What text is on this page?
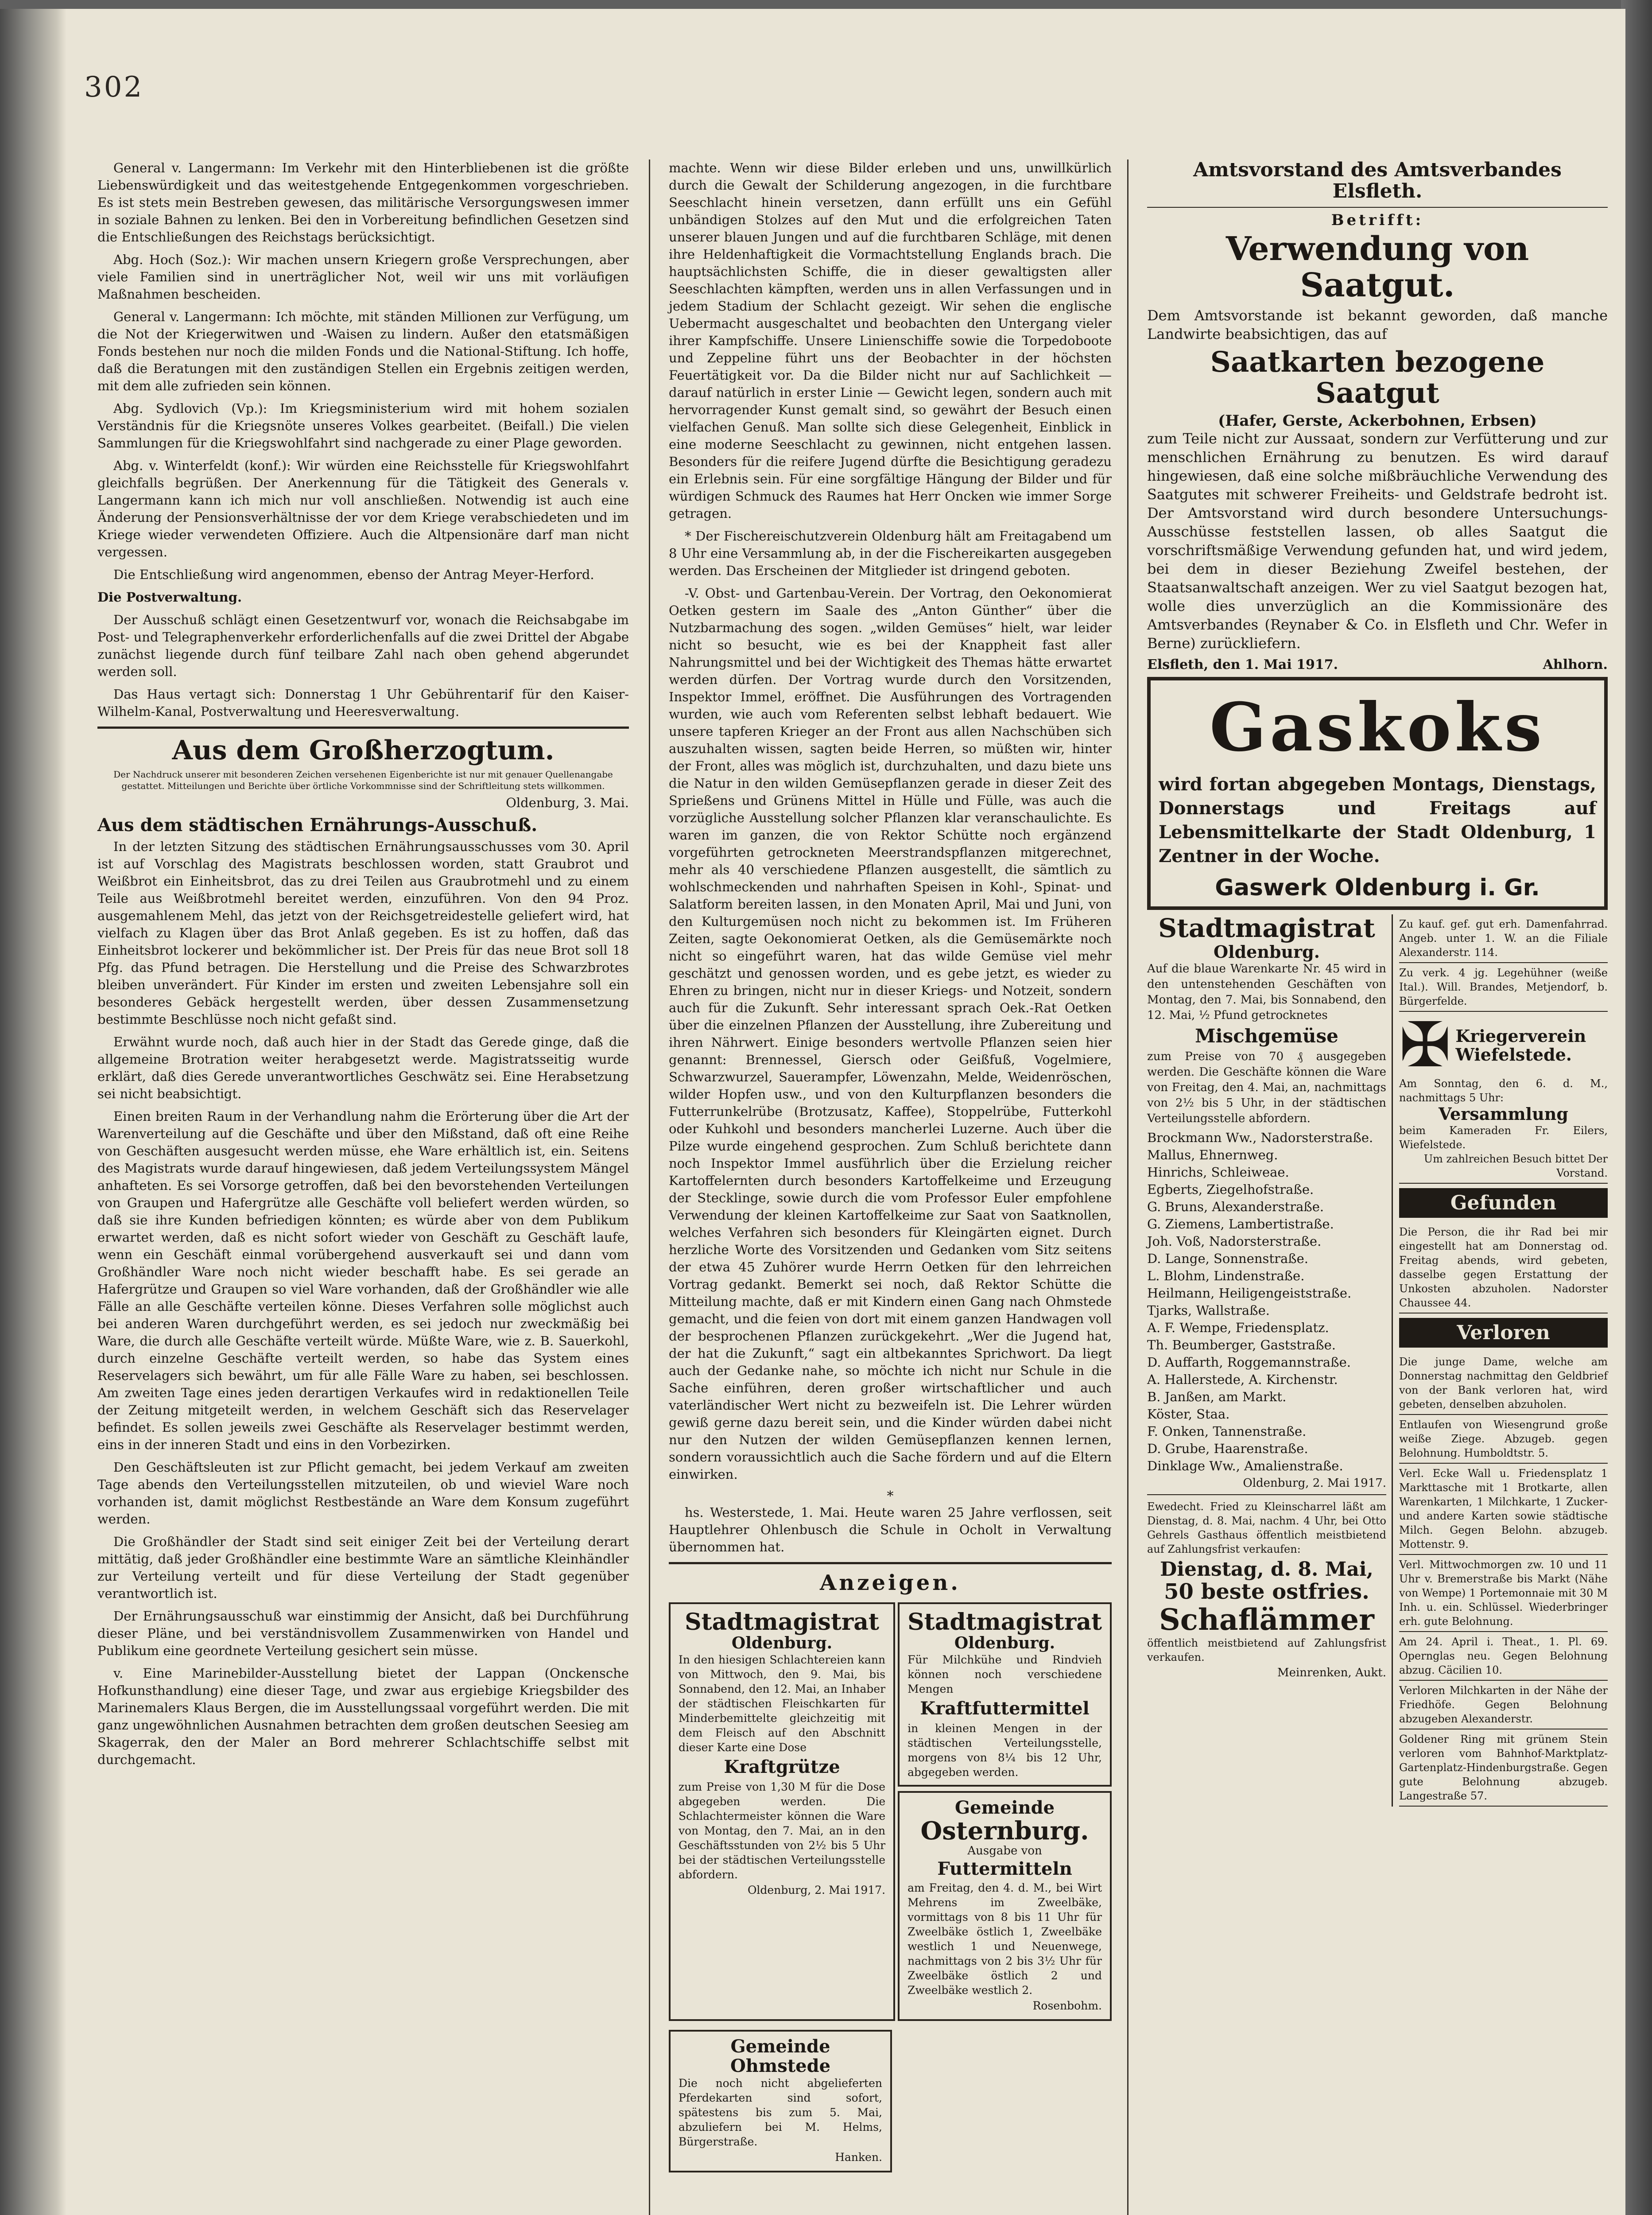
302

General v. Langermann: Im Verkehr mit den Hinterbliebenen ist die größte Liebenswürdigkeit und das weitestgehende Entgegenkommen vorgeschrieben. Es ist stets mein Bestreben gewesen, das militärische Versorgungswesen immer in soziale Bahnen zu lenken. Bei den in Vorbereitung befindlichen Gesetzen sind die Entschließungen des Reichstags berücksichtigt.

Abg. Hoch (Soz.): Wir machen unsern Kriegern große Versprechungen, aber viele Familien sind in unerträglicher Not, weil wir uns mit vorläufigen Maßnahmen bescheiden.

General v. Langermann: Ich möchte, mit ständen Millionen zur Verfügung, um die Not der Kriegerwitwen und -Waisen zu lindern. Außer den etatsmäßigen Fonds bestehen nur noch die milden Fonds und die National-Stiftung. Ich hoffe, daß die Beratungen mit den zuständigen Stellen ein Ergebnis zeitigen werden, mit dem alle zufrieden sein können.

Abg. Sydlovich (Vp.): Im Kriegsministerium wird mit hohem sozialen Verständnis für die Kriegsnöte unseres Volkes gearbeitet. (Beifall.) Die vielen Sammlungen für die Kriegswohlfahrt sind nachgerade zu einer Plage geworden.

Abg. v. Winterfeldt (konf.): Wir würden eine Reichsstelle für Kriegswohlfahrt gleichfalls begrüßen. Der Anerkennung für die Tätigkeit des Generals v. Langermann kann ich mich nur voll anschließen. Notwendig ist auch eine Änderung der Pensionsverhältnisse der vor dem Kriege verabschiedeten und im Kriege wieder verwendeten Offiziere. Auch die Altpensionäre darf man nicht vergessen.

Die Entschließung wird angenommen, ebenso der Antrag Meyer-Herford.

Die Postverwaltung.

Der Ausschuß schlägt einen Gesetzentwurf vor, wonach die Reichsabgabe im Post- und Telegraphenverkehr erforderlichenfalls auf die zwei Drittel der Abgabe zunächst liegende durch fünf teilbare Zahl nach oben gehend abgerundet werden soll.

Das Haus vertagt sich: Donnerstag 1 Uhr Gebührentarif für den Kaiser-Wilhelm-Kanal, Postverwaltung und Heeresverwaltung.

Aus dem Großherzogtum.
Der Nachdruck unserer mit besonderen Zeichen versehenen Eigenberichte ist nur mit genauer Quellenangabe gestattet. Mitteilungen und Berichte über örtliche Vorkommnisse sind der Schriftleitung stets willkommen.
Oldenburg, 3. Mai.
Aus dem städtischen Ernährungs-Ausschuß.

In der letzten Sitzung des städtischen Ernährungsausschusses vom 30. April ist auf Vorschlag des Magistrats beschlossen worden, statt Graubrot und Weißbrot ein Einheitsbrot, das zu drei Teilen aus Graubrotmehl und zu einem Teile aus Weißbrotmehl bereitet werden, einzuführen. Von den 94 Proz. ausgemahlenem Mehl, das jetzt von der Reichsgetreidestelle geliefert wird, hat vielfach zu Klagen über das Brot Anlaß gegeben. Es ist zu hoffen, daß das Einheitsbrot lockerer und bekömmlicher ist. Der Preis für das neue Brot soll 18 Pfg. das Pfund betragen. Die Herstellung und die Preise des Schwarzbrotes bleiben unverändert. Für Kinder im ersten und zweiten Lebensjahre soll ein besonderes Gebäck hergestellt werden, über dessen Zusammensetzung bestimmte Beschlüsse noch nicht gefaßt sind.

Erwähnt wurde noch, daß auch hier in der Stadt das Gerede ginge, daß die allgemeine Brotration weiter herabgesetzt werde. Magistratsseitig wurde erklärt, daß dies Gerede unverantwortliches Geschwätz sei. Eine Herabsetzung sei nicht beabsichtigt.

Einen breiten Raum in der Verhandlung nahm die Erörterung über die Art der Warenverteilung auf die Geschäfte und über den Mißstand, daß oft eine Reihe von Geschäften ausgesucht werden müsse, ehe Ware erhältlich ist, ein. Seitens des Magistrats wurde darauf hingewiesen, daß jedem Verteilungssystem Mängel anhafteten. Es sei Vorsorge getroffen, daß bei den bevorstehenden Verteilungen von Graupen und Hafergrütze alle Geschäfte voll beliefert werden würden, so daß sie ihre Kunden befriedigen könnten; es würde aber von dem Publikum erwartet werden, daß es nicht sofort wieder von Geschäft zu Geschäft laufe, wenn ein Geschäft einmal vorübergehend ausverkauft sei und dann vom Großhändler Ware noch nicht wieder beschafft habe. Es sei gerade an Hafergrütze und Graupen so viel Ware vorhanden, daß der Großhändler wie alle Fälle an alle Geschäfte verteilen könne. Dieses Verfahren solle möglichst auch bei anderen Waren durchgeführt werden, es sei jedoch nur zweckmäßig bei Ware, die durch alle Geschäfte verteilt würde. Müßte Ware, wie z. B. Sauerkohl, durch einzelne Geschäfte verteilt werden, so habe das System eines Reservelagers sich bewährt, um für alle Fälle Ware zu haben, sei beschlossen. Am zweiten Tage eines jeden derartigen Verkaufes wird in redaktionellen Teile der Zeitung mitgeteilt werden, in welchem Geschäft sich das Reservelager befindet. Es sollen jeweils zwei Geschäfte als Reservelager bestimmt werden, eins in der inneren Stadt und eins in den Vorbezirken.

Den Geschäftsleuten ist zur Pflicht gemacht, bei jedem Verkauf am zweiten Tage abends den Verteilungsstellen mitzuteilen, ob und wieviel Ware noch vorhanden ist, damit möglichst Restbestände an Ware dem Konsum zugeführt werden.

Die Großhändler der Stadt sind seit einiger Zeit bei der Verteilung derart mittätig, daß jeder Großhändler eine bestimmte Ware an sämtliche Kleinhändler zur Verteilung verteilt und für diese Verteilung der Stadt gegenüber verantwortlich ist.

Der Ernährungsausschuß war einstimmig der Ansicht, daß bei Durchführung dieser Pläne, und bei verständnisvollem Zusammenwirken von Handel und Publikum eine geordnete Verteilung gesichert sein müsse.

v. Eine Marinebilder-Ausstellung bietet der Lappan (Onckensche Hofkunsthandlung) eine dieser Tage, und zwar aus ergiebige Kriegsbilder des Marinemalers Klaus Bergen, die im Ausstellungssaal vorgeführt werden. Die mit ganz ungewöhnlichen Ausnahmen betrachten dem großen deutschen Seesieg am Skagerrak, den der Maler an Bord mehrerer Schlachtschiffe selbst mit durchgemacht.

machte. Wenn wir diese Bilder erleben und uns, unwillkürlich durch die Gewalt der Schilderung angezogen, in die furchtbare Seeschlacht hinein versetzen, dann erfüllt uns ein Gefühl unbändigen Stolzes auf den Mut und die erfolgreichen Taten unserer blauen Jungen und auf die furchtbaren Schläge, mit denen ihre Heldenhaftigkeit die Vormachtstellung Englands brach. Die hauptsächlichsten Schiffe, die in dieser gewaltigsten aller Seeschlachten kämpften, werden uns in allen Verfassungen und in jedem Stadium der Schlacht gezeigt. Wir sehen die englische Uebermacht ausgeschaltet und beobachten den Untergang vieler ihrer Kampfschiffe. Unsere Linienschiffe sowie die Torpedoboote und Zeppeline führt uns der Beobachter in der höchsten Feuertätigkeit vor. Da die Bilder nicht nur auf Sachlichkeit — darauf natürlich in erster Linie — Gewicht legen, sondern auch mit hervorragender Kunst gemalt sind, so gewährt der Besuch einen vielfachen Genuß. Man sollte sich diese Gelegenheit, Einblick in eine moderne Seeschlacht zu gewinnen, nicht entgehen lassen. Besonders für die reifere Jugend dürfte die Besichtigung geradezu ein Erlebnis sein. Für eine sorgfältige Hängung der Bilder und für würdigen Schmuck des Raumes hat Herr Oncken wie immer Sorge getragen.

* Der Fischereischutzverein Oldenburg hält am Freitagabend um 8 Uhr eine Versammlung ab, in der die Fischereikarten ausgegeben werden. Das Erscheinen der Mitglieder ist dringend geboten.

-V. Obst- und Gartenbau-Verein. Der Vortrag, den Oekonomierat Oetken gestern im Saale des „Anton Günther“ über die Nutzbarmachung des sogen. „wilden Gemüses“ hielt, war leider nicht so besucht, wie es bei der Knappheit fast aller Nahrungsmittel und bei der Wichtigkeit des Themas hätte erwartet werden dürfen. Der Vortrag wurde durch den Vorsitzenden, Inspektor Immel, eröffnet. Die Ausführungen des Vortragenden wurden, wie auch vom Referenten selbst lebhaft bedauert. Wie unsere tapferen Krieger an der Front aus allen Nachschüben sich auszuhalten wissen, sagten beide Herren, so müßten wir, hinter der Front, alles was möglich ist, durchzuhalten, und dazu biete uns die Natur in den wilden Gemüsepflanzen gerade in dieser Zeit des Sprießens und Grünens Mittel in Hülle und Fülle, was auch die vorzügliche Ausstellung solcher Pflanzen klar veranschaulichte. Es waren im ganzen, die von Rektor Schütte noch ergänzend vorgeführten getrockneten Meerstrandspflanzen mitgerechnet, mehr als 40 verschiedene Pflanzen ausgestellt, die sämtlich zu wohlschmeckenden und nahrhaften Speisen in Kohl-, Spinat- und Salatform bereiten lassen, in den Monaten April, Mai und Juni, von den Kulturgemüsen noch nicht zu bekommen ist. Im Früheren Zeiten, sagte Oekonomierat Oetken, als die Gemüsemärkte noch nicht so eingeführt waren, hat das wilde Gemüse viel mehr geschätzt und genossen worden, und es gebe jetzt, es wieder zu Ehren zu bringen, nicht nur in dieser Kriegs- und Notzeit, sondern auch für die Zukunft. Sehr interessant sprach Oek.-Rat Oetken über die einzelnen Pflanzen der Ausstellung, ihre Zubereitung und ihren Nährwert. Einige besonders wertvolle Pflanzen seien hier genannt: Brennessel, Giersch oder Geißfuß, Vogelmiere, Schwarzwurzel, Sauerampfer, Löwenzahn, Melde, Weidenröschen, wilder Hopfen usw., und von den Kulturpflanzen besonders die Futterrunkelrübe (Brotzusatz, Kaffee), Stoppelrübe, Futterkohl oder Kuhkohl und besonders mancherlei Luzerne. Auch über die Pilze wurde eingehend gesprochen. Zum Schluß berichtete dann noch Inspektor Immel ausführlich über die Erzielung reicher Kartoffelernten durch besonders Kartoffelkeime und Erzeugung der Stecklinge, sowie durch die vom Professor Euler empfohlene Verwendung der kleinen Kartoffelkeime zur Saat von Saatknollen, welches Verfahren sich besonders für Kleingärten eignet. Durch herzliche Worte des Vorsitzenden und Gedanken vom Sitz seitens der etwa 45 Zuhörer wurde Herrn Oetken für den lehrreichen Vortrag gedankt. Bemerkt sei noch, daß Rektor Schütte die Mitteilung machte, daß er mit Kindern einen Gang nach Ohmstede gemacht, und die feien von dort mit einem ganzen Handwagen voll der besprochenen Pflanzen zurückgekehrt. „Wer die Jugend hat, der hat die Zukunft,“ sagt ein altbekanntes Sprichwort. Da liegt auch der Gedanke nahe, so möchte ich nicht nur Schule in die Sache einführen, deren großer wirtschaftlicher und auch vaterländischer Wert nicht zu bezweifeln ist. Die Lehrer würden gewiß gerne dazu bereit sein, und die Kinder würden dabei nicht nur den Nutzen der wilden Gemüsepflanzen kennen lernen, sondern voraussichtlich auch die Sache fördern und auf die Eltern einwirken.

*

hs. Westerstede, 1. Mai. Heute waren 25 Jahre verflossen, seit Hauptlehrer Ohlenbusch die Schule in Ocholt in Verwaltung übernommen hat.

Anzeigen.
Stadtmagistrat
Oldenburg.
In den hiesigen Schlachtereien kann von Mittwoch, den 9. Mai, bis Sonnabend, den 12. Mai, an Inhaber der städtischen Fleischkarten für Minderbemittelte gleichzeitig mit dem Fleisch auf den Abschnitt dieser Karte eine Dose
Kraftgrütze
zum Preise von 1,30 M für die Dose abgegeben werden. Die Schlachtermeister können die Ware von Montag, den 7. Mai, an in den Geschäftsstunden von 2½ bis 5 Uhr bei der städtischen Verteilungsstelle abfordern.
Oldenburg, 2. Mai 1917.
Stadtmagistrat
Oldenburg.
Für Milchkühe und Rindvieh können noch verschiedene Mengen
Kraftfuttermittel
in kleinen Mengen in der städtischen Verteilungsstelle, morgens von 8¼ bis 12 Uhr, abgegeben werden.
Gemeinde
Osternburg.
Ausgabe von
Futtermitteln
am Freitag, den 4. d. M., bei Wirt Mehrens im Zweelbäke, vormittags von 8 bis 11 Uhr für Zweelbäke östlich 1, Zweelbäke westlich 1 und Neuenwege, nachmittags von 2 bis 3½ Uhr für Zweelbäke östlich 2 und Zweelbäke westlich 2.
Rosenbohm.
Gemeinde Ohmstede
Die noch nicht abgelieferten Pferdekarten sind sofort, spätestens bis zum 5. Mai, abzuliefern bei M. Helms, Bürgerstraße.
Hanken.
Amtsvorstand des Amtsverbandes Elsfleth.
Betrifft:
Verwendung von Saatgut.
Dem Amtsvorstande ist bekannt geworden, daß manche Landwirte beabsichtigen, das auf
Saatkarten bezogene Saatgut
(Hafer, Gerste, Ackerbohnen, Erbsen)
zum Teile nicht zur Aussaat, sondern zur Verfütterung und zur menschlichen Ernährung zu benutzen. Es wird darauf hingewiesen, daß eine solche mißbräuchliche Verwendung des Saatgutes mit schwerer Freiheits- und Geldstrafe bedroht ist. Der Amtsvorstand wird durch besondere Untersuchungs-Ausschüsse feststellen lassen, ob alles Saatgut die vorschriftsmäßige Verwendung gefunden hat, und wird jedem, bei dem in dieser Beziehung Zweifel bestehen, der Staatsanwaltschaft anzeigen. Wer zu viel Saatgut bezogen hat, wolle dies unverzüglich an die Kommissionäre des Amtsverbandes (Reynaber & Co. in Elsfleth und Chr. Wefer in Berne) zurückliefern.
Elsfleth, den 1. Mai 1917.	Ahlhorn.
Gaskoks
wird fortan abgegeben Montags, Dienstags, Donnerstags und Freitags auf Lebensmittelkarte der Stadt Oldenburg, 1 Zentner in der Woche.
Gaswerk Oldenburg i. Gr.
Stadtmagistrat
Oldenburg.
Auf die blaue Warenkarte Nr. 45 wird in den untenstehenden Geschäften von Montag, den 7. Mai, bis Sonnabend, den 12. Mai, ½ Pfund getrocknetes
Mischgemüse
zum Preise von 70 ₰ ausgegeben werden. Die Geschäfte können die Ware von Freitag, den 4. Mai, an, nachmittags von 2½ bis 5 Uhr, in der städtischen Verteilungsstelle abfordern.

Brockmann Ww., Nadorsterstraße.

Mallus, Ehnernweg.

Hinrichs, Schleiweae.

Egberts, Ziegelhofstraße.

G. Bruns, Alexanderstraße.

G. Ziemens, Lambertistraße.

Joh. Voß, Nadorsterstraße.

D. Lange, Sonnenstraße.

L. Blohm, Lindenstraße.

Heilmann, Heiligengeiststraße.

Tjarks, Wallstraße.

A. F. Wempe, Friedensplatz.

Th. Beumberger, Gaststraße.

D. Auffarth, Roggemannstraße.

A. Hallerstede, A. Kirchenstr.

B. Janßen, am Markt.

Köster, Staa.

F. Onken, Tannenstraße.

D. Grube, Haarenstraße.

Dinklage Ww., Amalienstraße.

Oldenburg, 2. Mai 1917.
Ewedecht. Fried zu Kleinscharrel läßt am Dienstag, d. 8. Mai, nachm. 4 Uhr, bei Otto Gehrels Gasthaus öffentlich meistbietend auf Zahlungsfrist verkaufen:
Dienstag, d. 8. Mai,
50 beste ostfries.
Schaflämmer
öffentlich meistbietend auf Zahlungsfrist verkaufen.
Meinrenken, Aukt.
Zu kauf. gef. gut erh. Damenfahrrad. Angeb. unter 1. W. an die Filiale Alexanderstr. 114.
Zu verk. 4 jg. Legehühner (weiße Ital.). Will. Brandes, Metjendorf, b. Bürgerfelde.
✠ Kriegerverein Wiefelstede.
Am Sonntag, den 6. d. M., nachmittags 5 Uhr:
Versammlung
beim Kameraden Fr. Eilers, Wiefelstede.
Um zahlreichen Besuch bittet Der Vorstand.
Gefunden
Die Person, die ihr Rad bei mir eingestellt hat am Donnerstag od. Freitag abends, wird gebeten, dasselbe gegen Erstattung der Unkosten abzuholen. Nadorster Chaussee 44.
Verloren
Die junge Dame, welche am Donnerstag nachmittag den Geldbrief von der Bank verloren hat, wird gebeten, denselben abzuholen.
Entlaufen von Wiesengrund große weiße Ziege. Abzugeb. gegen Belohnung. Humboldtstr. 5.
Verl. Ecke Wall u. Friedensplatz 1 Markttasche mit 1 Brotkarte, allen Warenkarten, 1 Milchkarte, 1 Zucker- und andere Karten sowie städtische Milch. Gegen Belohn. abzugeb. Mottenstr. 9.
Verl. Mittwochmorgen zw. 10 und 11 Uhr v. Bremerstraße bis Markt (Nähe von Wempe) 1 Portemonnaie mit 30 M Inh. u. ein. Schlüssel. Wiederbringer erh. gute Belohnung.
Am 24. April i. Theat., 1. Pl. 69. Opernglas neu. Gegen Belohnung abzug. Cäcilien 10.
Verloren Milchkarten in der Nähe der Friedhöfe. Gegen Belohnung abzugeben Alexanderstr.
Goldener Ring mit grünem Stein verloren vom Bahnhof-Marktplatz-Gartenplatz-Hindenburgstraße. Gegen gute Belohnung abzugeb. Langestraße 57.
